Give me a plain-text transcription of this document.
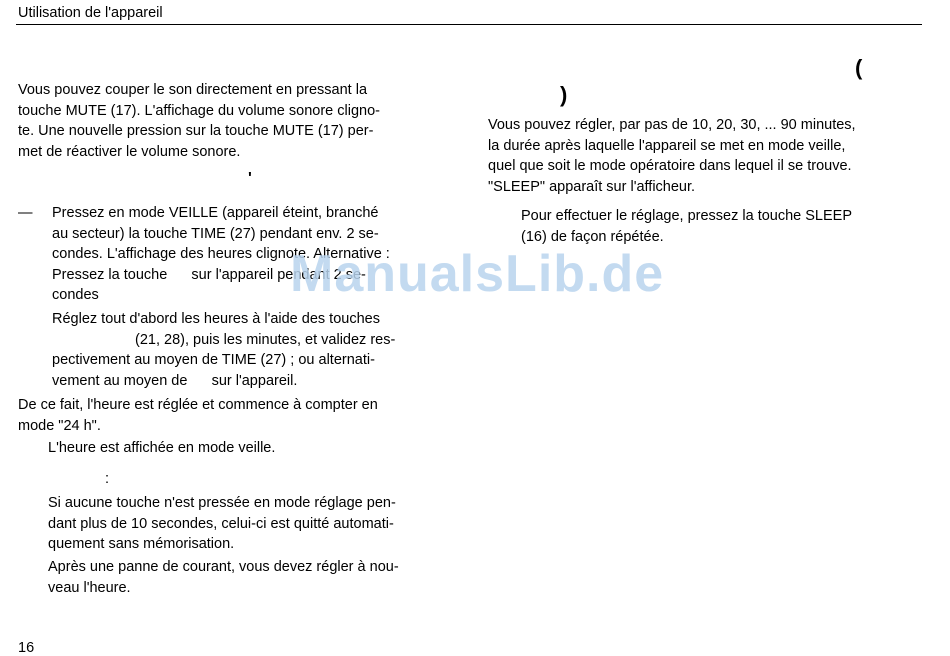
Utilisation de l'appareil
Vous pouvez couper le son directement en pressant la
touche MUTE (17). L'affichage du volume sonore cligno-
te. Une nouvelle pression sur la touche MUTE (17) per-
met de réactiver le volume sonore.
'
— Pressez en mode VEILLE (appareil éteint, branché
au secteur) la touche TIME (27) pendant env. 2 se-
condes. L'affichage des heures clignote. Alternative :
Pressez la touche      sur l'appareil pendant 2 se-
condes
Réglez tout d'abord les heures à l'aide des touches
(21, 28), puis les minutes, et validez res-
pectivement au moyen de TIME (27) ; ou alternati-
vement au moyen de      sur l'appareil.
De ce fait, l'heure est réglée et commence à compter en
mode "24 h".
L'heure est affichée en mode veille.
:
Si aucune touche n'est pressée en mode réglage pen-
dant plus de 10 secondes, celui-ci est quitté automati-
quement sans mémorisation.
Après une panne de courant, vous devez régler à nou-
veau l'heure.
(
)
Vous pouvez régler, par pas de 10, 20, 30, ... 90 minutes,
la durée après laquelle l'appareil se met en mode veille,
quel que soit le mode opératoire dans lequel il se trouve.
"SLEEP" apparaît sur l'afficheur.
Pour effectuer le réglage, pressez la touche SLEEP
(16) de façon répétée.
ManualsLib.de
16
